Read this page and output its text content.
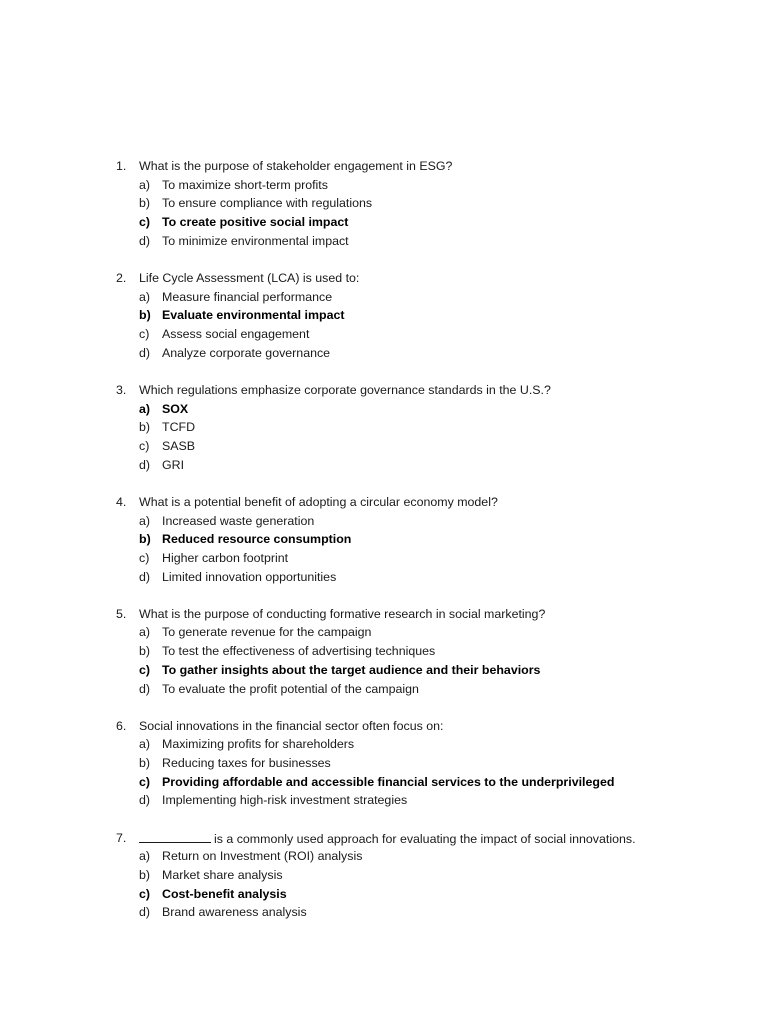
1. What is the purpose of stakeholder engagement in ESG?
a) To maximize short-term profits
b) To ensure compliance with regulations
c) To create positive social impact
d) To minimize environmental impact
2. Life Cycle Assessment (LCA) is used to:
a) Measure financial performance
b) Evaluate environmental impact
c) Assess social engagement
d) Analyze corporate governance
3. Which regulations emphasize corporate governance standards in the U.S.?
a) SOX
b) TCFD
c) SASB
d) GRI
4. What is a potential benefit of adopting a circular economy model?
a) Increased waste generation
b) Reduced resource consumption
c) Higher carbon footprint
d) Limited innovation opportunities
5. What is the purpose of conducting formative research in social marketing?
a) To generate revenue for the campaign
b) To test the effectiveness of advertising techniques
c) To gather insights about the target audience and their behaviors
d) To evaluate the profit potential of the campaign
6. Social innovations in the financial sector often focus on:
a) Maximizing profits for shareholders
b) Reducing taxes for businesses
c) Providing affordable and accessible financial services to the underprivileged
d) Implementing high-risk investment strategies
7.	is a commonly used approach for evaluating the impact of social innovations.
a) Return on Investment (ROI) analysis
b) Market share analysis
c) Cost-benefit analysis
d) Brand awareness analysis
